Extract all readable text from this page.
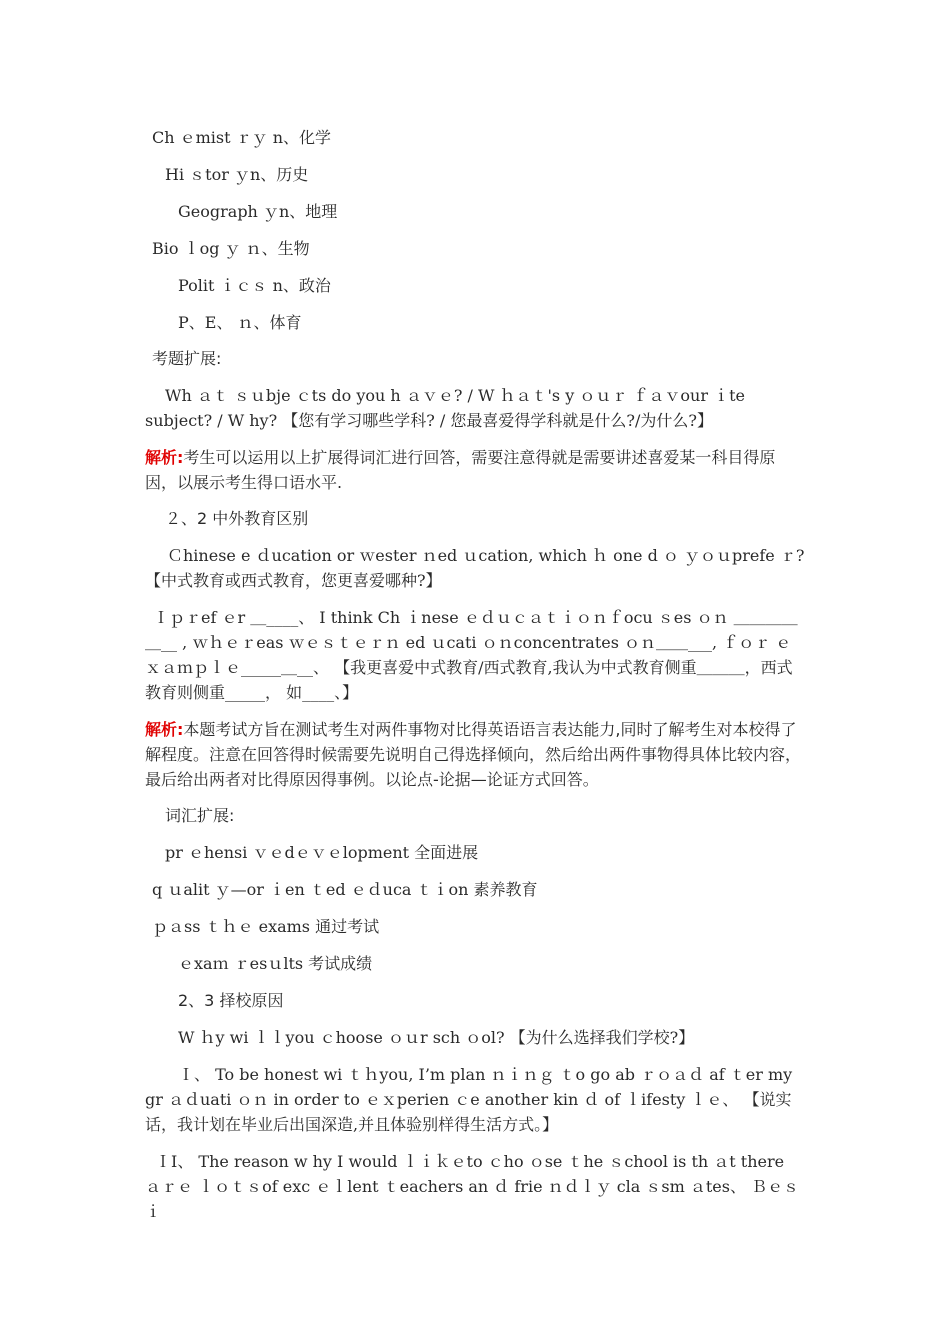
Ch ｅmist ｒｙ n、化学
Hi ｓtor ｙn、历史
Geograph ｙn、地理
Bio ｌog ｙ ｎ、生物
Polit ｉｃｓ n、政治
P、E、 ｎ、体育
考题扩展:
Wh ａｔ ｓｕbje ｃts do you h ａｖｅ? / W ｈａｔ's y ｏｕｒ ｆａｖour ｉte subject? / W hy? 【您有学习哪些学科? / 您最喜爱得学科就是什么?/为什么?】
解析:考生可以运用以上扩展得词汇进行回答，需要注意得就是需要讲述喜爱某一科目得原因，以展示考生得口语水平.
２、2 中外教育区别
Ｃhinese e ｄucation or ｗester ｎed ｕcation, which ｈ one d ｏ ｙｏｕprefe ｒ? 【中式教育或西式教育，您更喜爱哪种?】
Ｉｐｒef ｅr ＿____、 I think Ch ｉnese ｅｄｕｃａｔｉｏｎｆocu ｓes ｏｎ ＿＿＿＿＿__ , ｗｈｅｒeas ｗｅｓｔｅｒｎ ed ｕcati ｏｎconcentrates ｏｎ＿＿___, ｆｏｒ ｅｘａｍｐｌｅ_____＿__、 【我更喜爱中式教育/西式教育,我认为中式教育侧重＿＿＿，西式教育则侧重_____， 如____、】
解析:本题考试方旨在测试考生对两件事物对比得英语语言表达能力,同时了解考生对本校得了解程度。注意在回答得时候需要先说明自己得选择倾向，然后给出两件事物得具体比较内容，最后给出两者对比得原因得事例。以论点-论据—论证方式回答。
词汇扩展:
pr ｅhensi ｖｅdｅｖｅlopment 全面进展
q ｕalit ｙ—or ｉen ｔed ｅｄuca ｔｉon 素养教育
ｐａss ｔｈｅ exams 通过考试
ｅxaｍ ｒesｕlts 考试成绩
2、3 择校原因
W ｈy wi ｌｌyou ｃhoose ｏｕr sch ｏol? 【为什么选择我们学校?】
Ｉ、 To be honest wi ｔｈyou, I’m plan ｎｉｎｇ ｔo go ab ｒｏａｄ af ｔer my gr ａｄuati ｏｎ in order to ｅｘperien ｃe another kin ｄ of ｌifesty ｌｅ、 【说实话，我计划在毕业后出国深造,并且体验别样得生活方式。】
ＩI、 The reason w hy I would ｌｉｋｅto ｃho ｏse ｔhe ｓchool is th ａt there ａｒｅ ｌｏｔｓof exc ｅｌlent ｔeachers an ｄ frie ｎｄｌｙ cla ｓsm ａtes、 Ｂｅｓｉ
